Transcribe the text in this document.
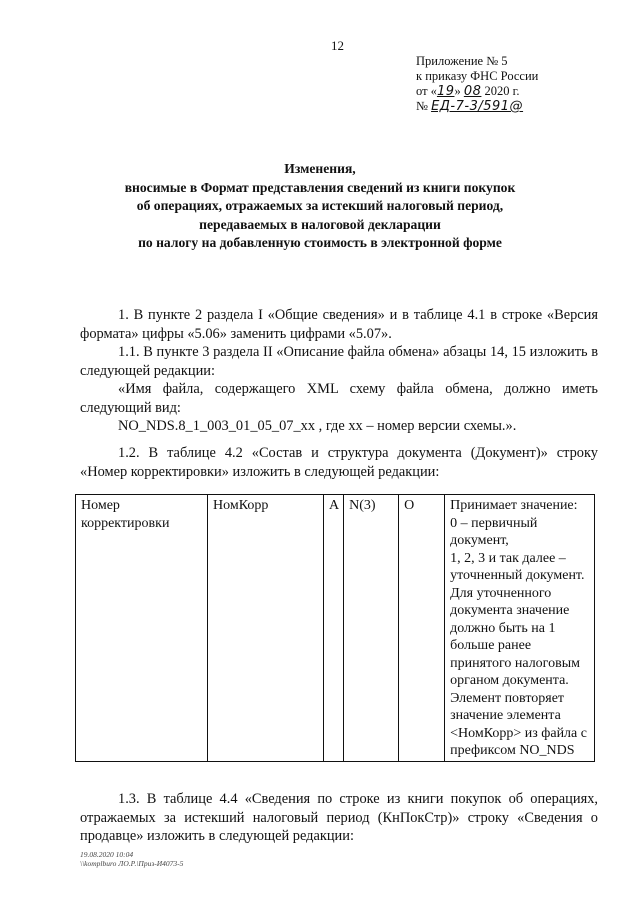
12
Приложение № 5
к приказу ФНС России
от «19» 08 2020 г.
№ ЕД-7-3/591@
Изменения,
вносимые в Формат представления сведений из книги покупок
об операциях, отражаемых за истекший налоговый период,
передаваемых в налоговой декларации
по налогу на добавленную стоимость в электронной форме
1. В пункте 2 раздела I «Общие сведения» и в таблице 4.1 в строке «Версия формата» цифры «5.06» заменить цифрами «5.07».
1.1. В пункте 3 раздела II «Описание файла обмена» абзацы 14, 15 изложить в следующей редакции:
«Имя файла, содержащего XML схему файла обмена, должно иметь следующий вид:
NO_NDS.8_1_003_01_05_07_xx , где xx – номер версии схемы.».
1.2. В таблице 4.2 «Состав и структура документа (Документ)» строку «Номер корректировки» изложить в следующей редакции:
Номер корректировки	НомКорр	А	N(3)	О	Принимает значение:
0 – первичный документ,
1, 2, 3 и так далее – уточненный документ. Для уточненного документа значение должно быть на 1 больше ранее принятого налоговым органом документа.
Элемент повторяет значение элемента <НомКорр> из файла с префиксом NO_NDS
1.3. В таблице 4.4 «Сведения по строке из книги покупок об операциях, отражаемых за истекший налоговый период (КнПокСтр)» строку «Сведения о продавце» изложить в следующей редакции:
19.08.2020 10:04
\\komplburo ЛО.Р.\Приз-И4073-5
